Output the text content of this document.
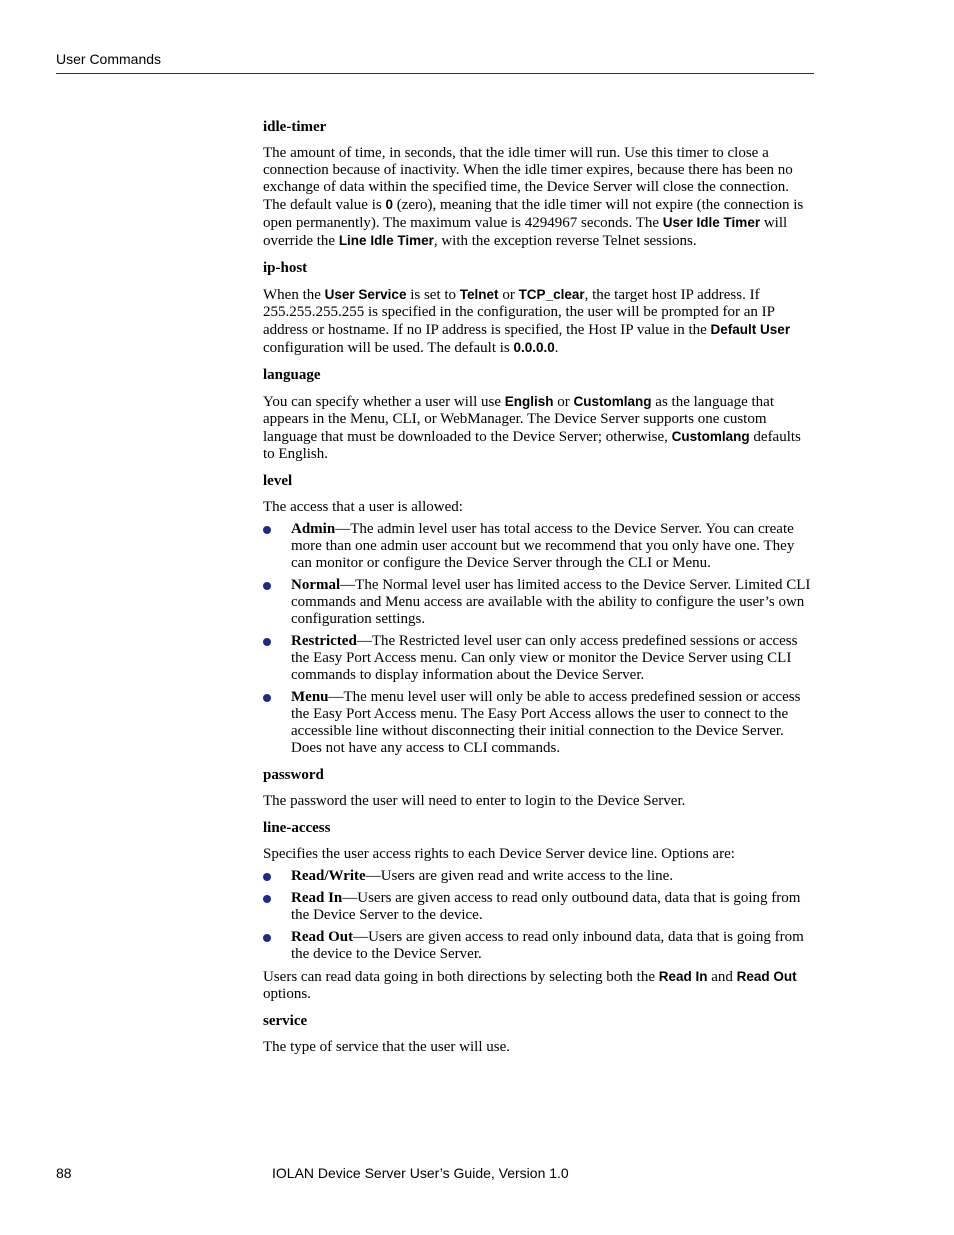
User Commands
idle-timer

The amount of time, in seconds, that the idle timer will run. Use this timer to close a connection because of inactivity. When the idle timer expires, because there has been no exchange of data within the specified time, the Device Server will close the connection. The default value is 0 (zero), meaning that the idle timer will not expire (the connection is open permanently). The maximum value is 4294967 seconds. The User Idle Timer will override the Line Idle Timer, with the exception reverse Telnet sessions.

ip-host

When the User Service is set to Telnet or TCP_clear, the target host IP address. If 255.255.255.255 is specified in the configuration, the user will be prompted for an IP address or hostname. If no IP address is specified, the Host IP value in the Default User configuration will be used. The default is 0.0.0.0.

language

You can specify whether a user will use English or Customlang as the language that appears in the Menu, CLI, or WebManager. The Device Server supports one custom language that must be downloaded to the Device Server; otherwise, Customlang defaults to English.

level

The access that a user is allowed:

Admin—The admin level user has total access to the Device Server. You can create more than one admin user account but we recommend that you only have one. They can monitor or configure the Device Server through the CLI or Menu.
Normal—The Normal level user has limited access to the Device Server. Limited CLI commands and Menu access are available with the ability to configure the user’s own configuration settings.
Restricted—The Restricted level user can only access predefined sessions or access the Easy Port Access menu. Can only view or monitor the Device Server using CLI commands to display information about the Device Server.
Menu—The menu level user will only be able to access predefined session or access the Easy Port Access menu. The Easy Port Access allows the user to connect to the accessible line without disconnecting their initial connection to the Device Server. Does not have any access to CLI commands.
password

The password the user will need to enter to login to the Device Server.

line-access

Specifies the user access rights to each Device Server device line. Options are:

Read/Write—Users are given read and write access to the line.
Read In—Users are given access to read only outbound data, data that is going from the Device Server to the device.
Read Out—Users are given access to read only inbound data, data that is going from the device to the Device Server.

Users can read data going in both directions by selecting both the Read In and Read Out options.

service

The type of service that the user will use.

88	IOLAN Device Server User’s Guide, Version 1.0
